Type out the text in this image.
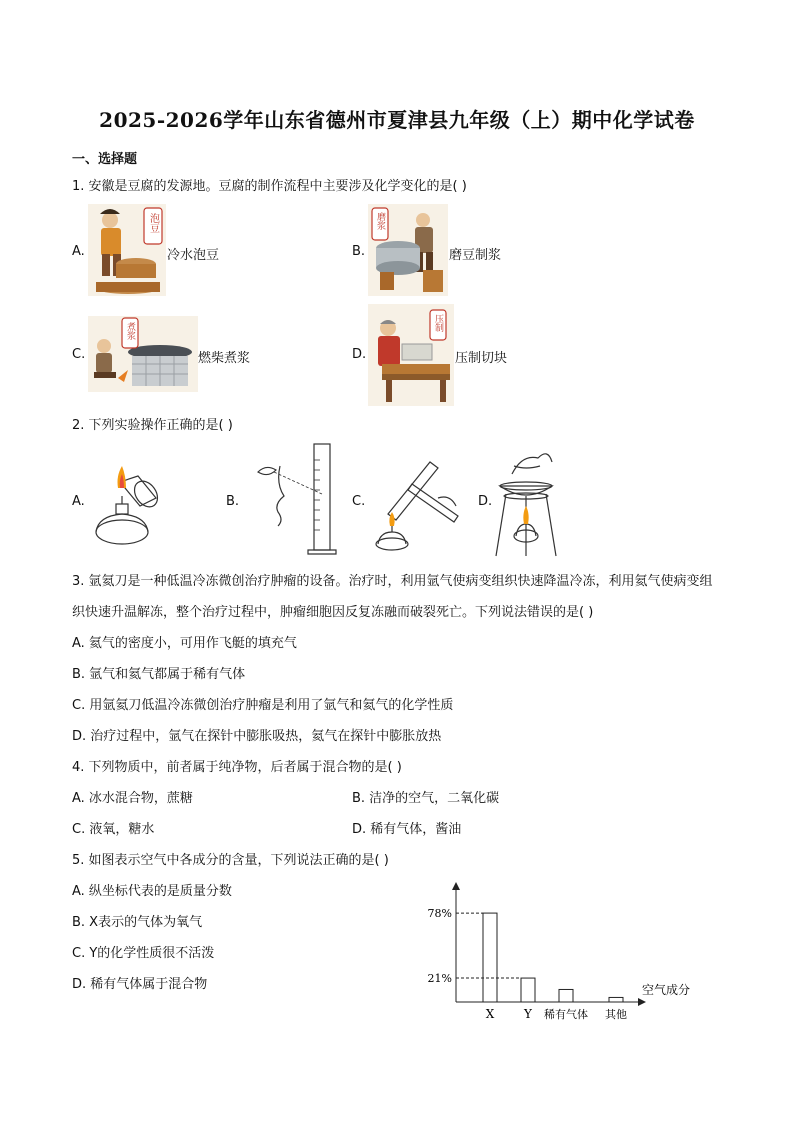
2025-2026学年山东省德州市夏津县九年级（上）期中化学试卷
一、选择题
1. 安徽是豆腐的发源地。豆腐的制作流程中主要涉及化学变化的是( )
A.
泡豆
冷水泡豆	B.
磨浆
磨豆制浆
C.
煮浆
燃柴煮浆	D.
压制
压制切块
2. 下列实验操作正确的是( )
A.	B.	C.	D.
3. 氩氦刀是一种低温冷冻微创治疗肿瘤的设备。治疗时，利用氩气使病变组织快速降温冷冻，利用氦气使病变组织快速升温解冻，整个治疗过程中，肿瘤细胞因反复冻融而破裂死亡。下列说法错误的是( )
A. 氦气的密度小，可用作飞艇的填充气
B. 氩气和氦气都属于稀有气体
C. 用氩氦刀低温冷冻微创治疗肿瘤是利用了氩气和氦气的化学性质
D. 治疗过程中，氩气在探针中膨胀吸热，氦气在探针中膨胀放热
4. 下列物质中，前者属于纯净物，后者属于混合物的是( )
A. 冰水混合物，蔗糖	B. 洁净的空气，二氧化碳
C. 液氧，糖水	D. 稀有气体，酱油
5. 如图表示空气中各成分的含量，下列说法正确的是( )
A. 纵坐标代表的是质量分数
B. X表示的气体为氧气
C. Y的化学性质很不活泼
D. 稀有气体属于混合物
78%
21%
X Y 稀有气体 其他
空气成分
